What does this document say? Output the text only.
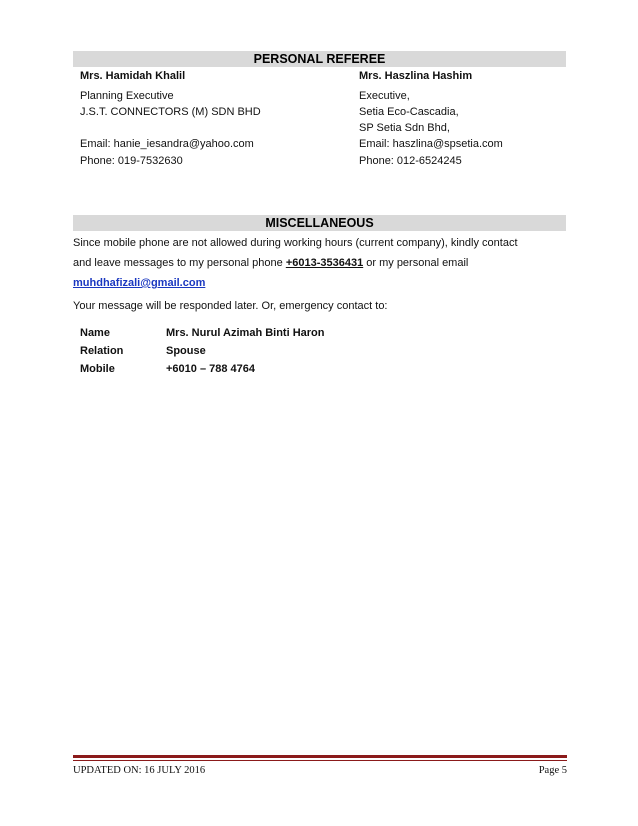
PERSONAL REFEREE
Mrs. Hamidah Khalil
Planning Executive
J.S.T. CONNECTORS (M) SDN BHD
Email: hanie_iesandra@yahoo.com
Phone: 019-7532630
Mrs. Haszlina Hashim
Executive,
Setia Eco-Cascadia,
SP Setia Sdn Bhd,
Email: haszlina@spsetia.com
Phone: 012-6524245
MISCELLANEOUS
Since mobile phone are not allowed during working hours (current company), kindly contact
and leave messages to my personal phone +6013-3536431 or my personal email
muhdhafizali@gmail.com
Your message will be responded later. Or, emergency contact to:
Name	Mrs. Nurul Azimah Binti Haron
Relation	Spouse
Mobile	+6010 – 788 4764
UPDATED ON: 16 JULY 2016	Page 5
